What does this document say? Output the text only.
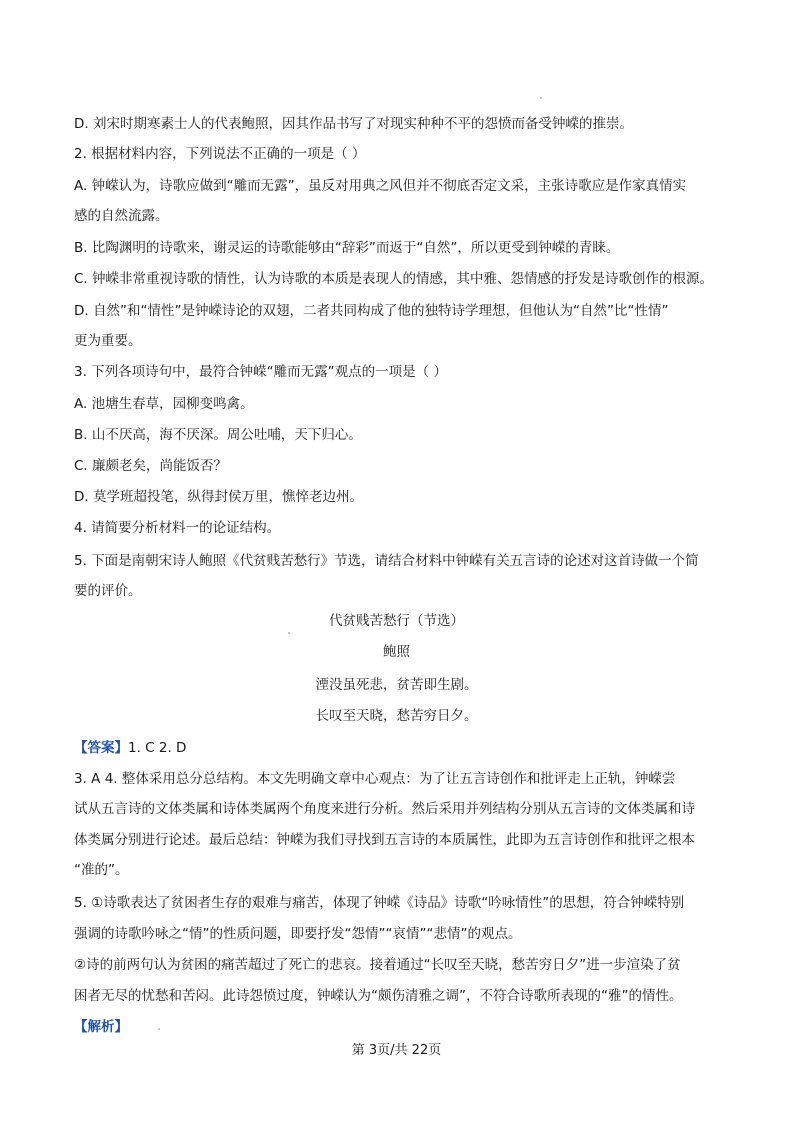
D. 刘宋时期寒素士人的代表鲍照，因其作品书写了对现实种种不平的怨愤而备受钟嵘的推崇。
2. 根据材料内容，下列说法不正确的一项是（ ）
A. 钟嵘认为，诗歌应做到“雕而无露”，虽反对用典之风但并不彻底否定文采，主张诗歌应是作家真情实
感的自然流露。
B. 比陶渊明的诗歌来，谢灵运的诗歌能够由“辞彩”而返于“自然”，所以更受到钟嵘的青睐。
C. 钟嵘非常重视诗歌的情性，认为诗歌的本质是表现人的情感，其中雅、怨情感的抒发是诗歌创作的根源。
D. 自然”和“情性”是钟嵘诗论的双翅，二者共同构成了他的独特诗学理想，但他认为“自然”比“性情”
更为重要。
3. 下列各项诗句中，最符合钟嵘“雕而无露”观点的一项是（ ）
A. 池塘生春草，园柳变鸣禽。
B. 山不厌高，海不厌深。周公吐哺，天下归心。
C. 廉颇老矣，尚能饭否？
D. 莫学班超投笔，纵得封侯万里，憔悴老边州。
4. 请简要分析材料一的论证结构。
5. 下面是南朝宋诗人鲍照《代贫贱苦愁行》节选，请结合材料中钟嵘有关五言诗的论述对这首诗做一个简
要的评价。
代贫贱苦愁行（节选）
鲍照
湮没虽死悲，贫苦即生剧。
长叹至天晓，愁苦穷日夕。
【答案】1. C 2. D
3. A 4. 整体采用总分总结构。本文先明确文章中心观点：为了让五言诗创作和批评走上正轨，钟嵘尝
试从五言诗的文体类属和诗体类属两个角度来进行分析。然后采用并列结构分别从五言诗的文体类属和诗
体类属分别进行论述。最后总结：钟嵘为我们寻找到五言诗的本质属性，此即为五言诗创作和批评之根本
“准的”。
5. ①诗歌表达了贫困者生存的艰难与痛苦，体现了钟嵘《诗品》诗歌“吟咏情性”的思想，符合钟嵘特别
强调的诗歌吟咏之“情”的性质问题，即要抒发“怨情”“哀情”“悲情”的观点。
②诗的前两句认为贫困的痛苦超过了死亡的悲哀。接着通过“长叹至天晓，愁苦穷日夕”进一步渲染了贫
困者无尽的忧愁和苦闷。此诗怨愤过度，钟嵘认为“颇伤清雅之调”，不符合诗歌所表现的“雅”的情性。
【解析】
第 3页/共 22页
